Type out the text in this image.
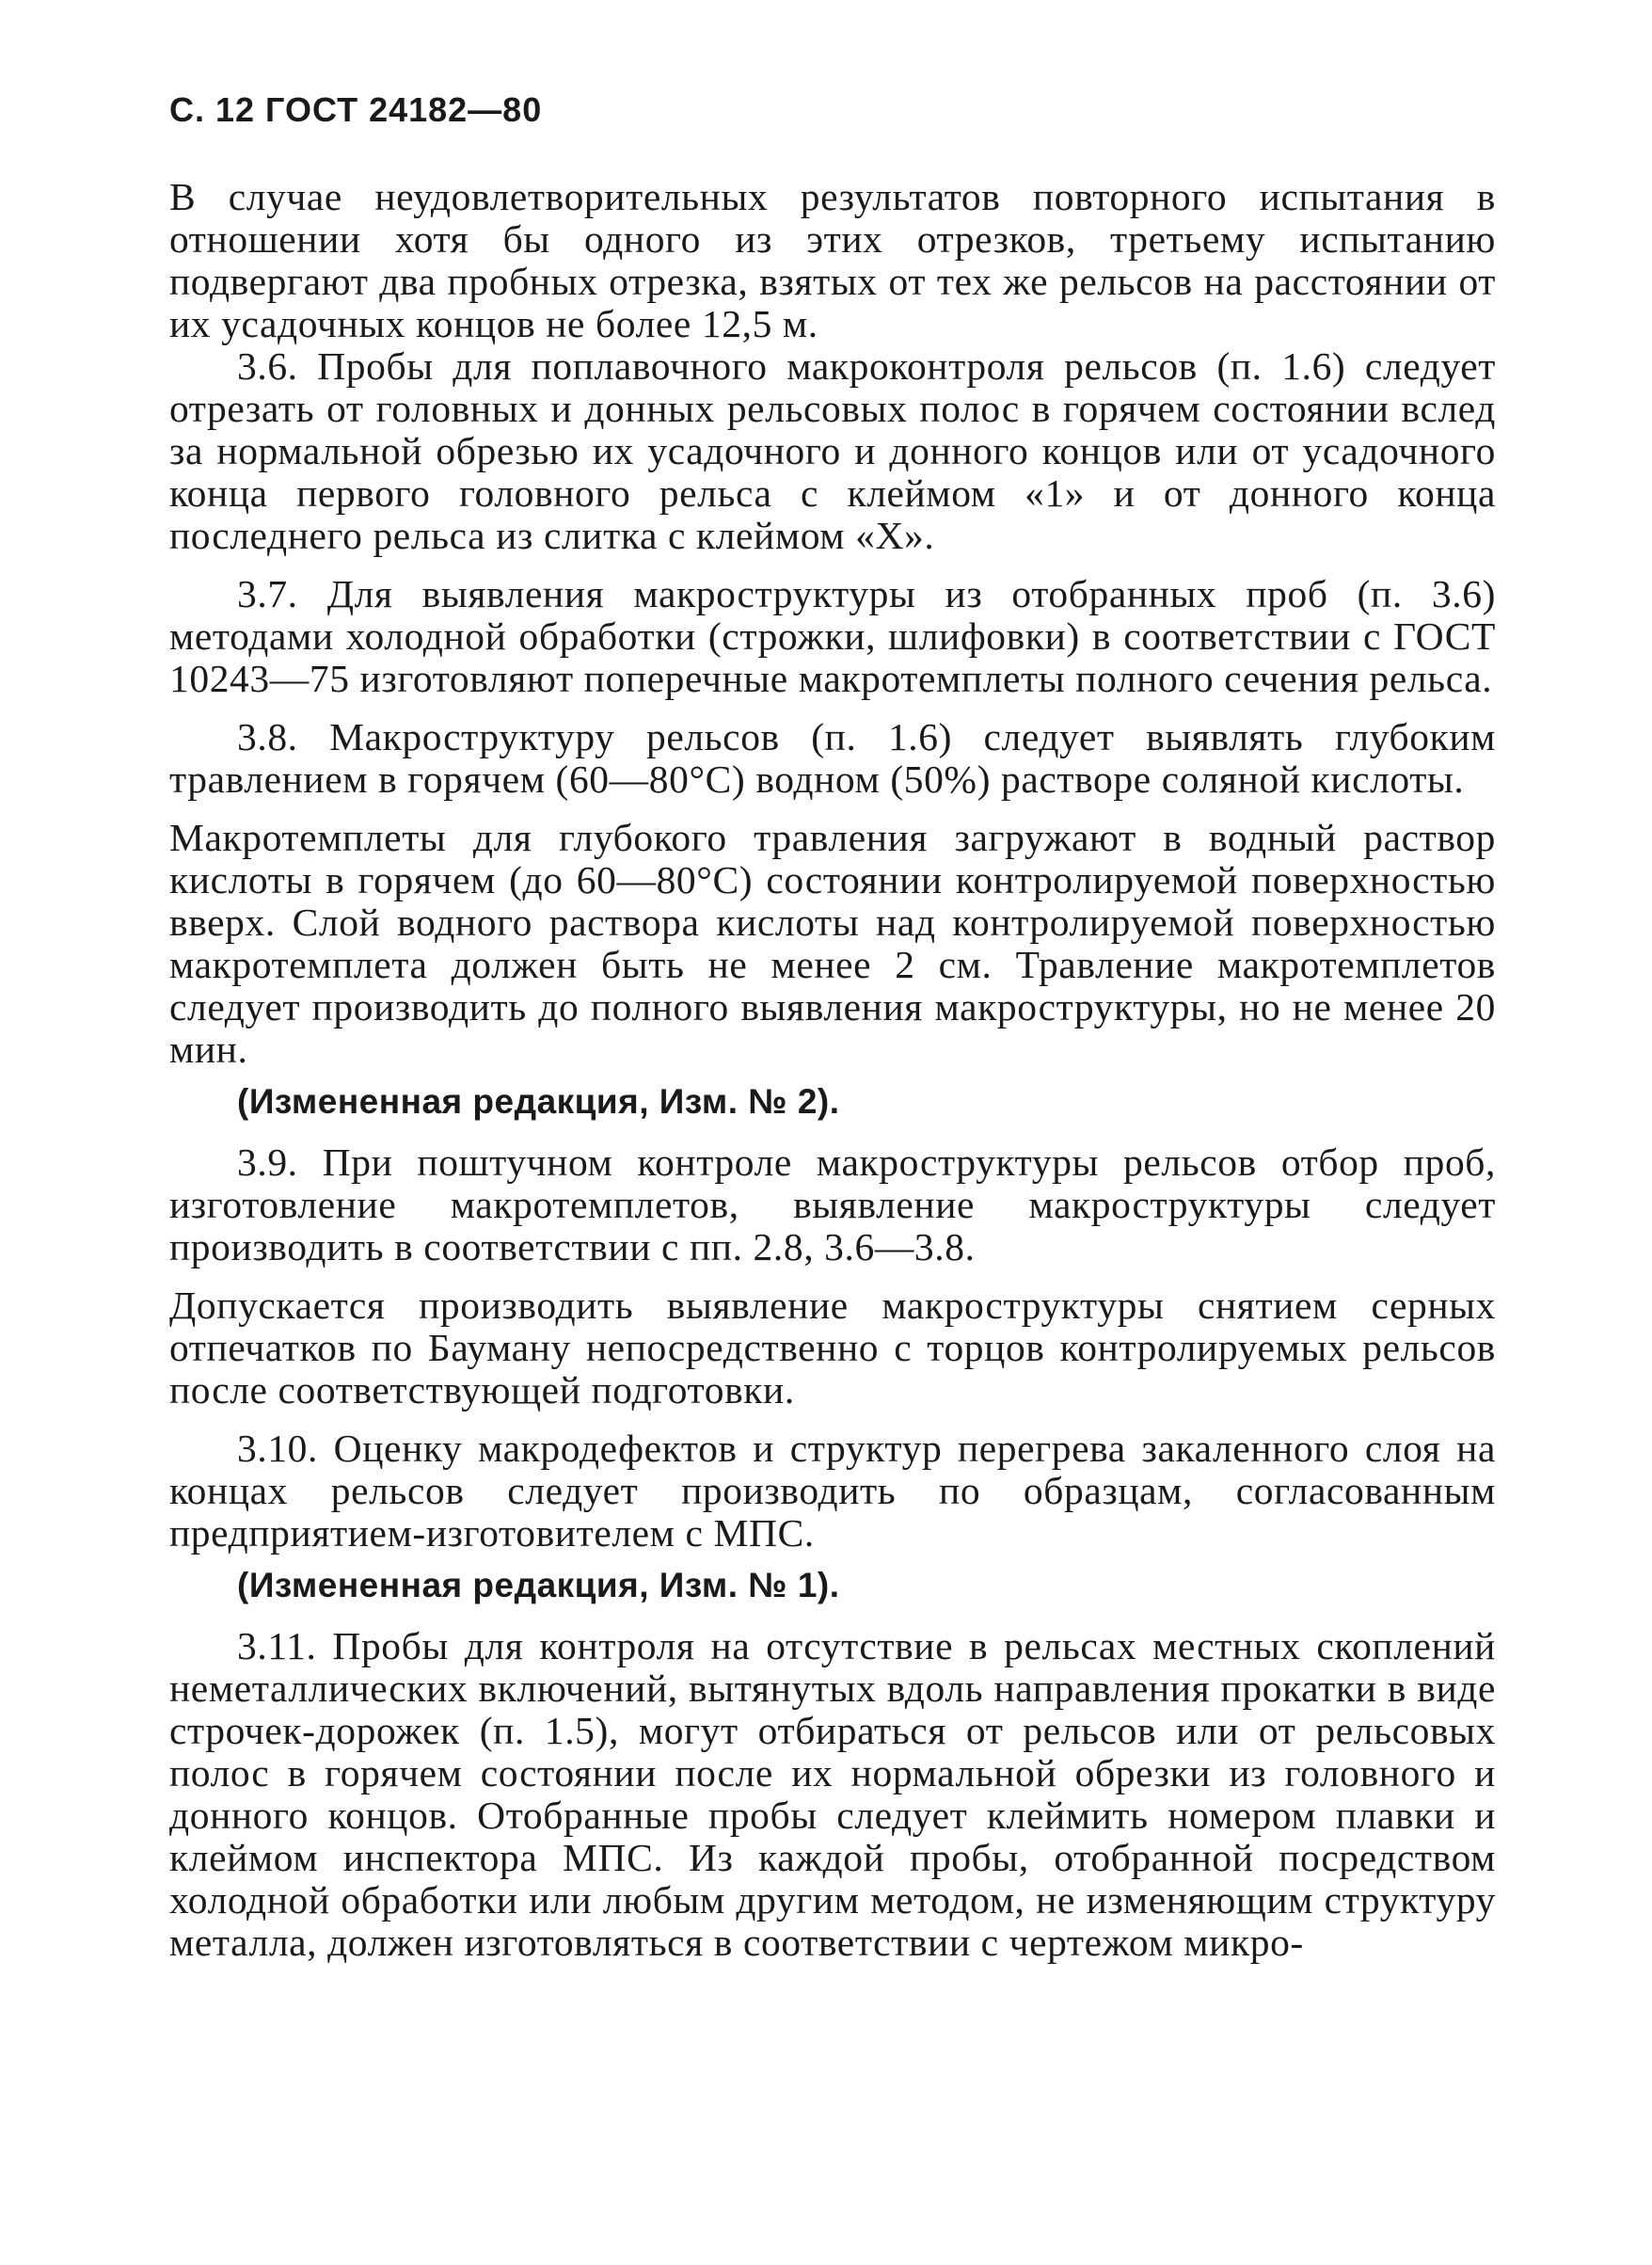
С. 12 ГОСТ 24182—80

В случае неудовлетворительных результатов повторного испытания в отношении хотя бы одного из этих отрезков, третьему испытанию подвергают два пробных отрезка, взятых от тех же рельсов на расстоянии от их усадочных концов не более 12,5 м.

3.6. Пробы для поплавочного макроконтроля рельсов (п. 1.6) следует отрезать от головных и донных рельсовых полос в горячем состоянии вслед за нормальной обрезью их усадочного и донного концов или от усадочного конца первого головного рельса с клеймом «1» и от донного конца последнего рельса из слитка с клеймом «X».

3.7. Для выявления макроструктуры из отобранных проб (п. 3.6) методами холодной обработки (строжки, шлифовки) в соответствии с ГОСТ 10243—75 изготовляют поперечные макротемплеты полного сечения рельса.

3.8. Макроструктуру рельсов (п. 1.6) следует выявлять глубоким травлением в горячем (60—80°С) водном (50%) растворе соляной кислоты.

Макротемплеты для глубокого травления загружают в водный раствор кислоты в горячем (до 60—80°С) состоянии контролируемой поверхностью вверх. Слой водного раствора кислоты над контролируемой поверхностью макротемплета должен быть не менее 2 см. Травление макротемплетов следует производить до полного выявления макроструктуры, но не менее 20 мин.

(Измененная редакция, Изм. № 2).

3.9. При поштучном контроле макроструктуры рельсов отбор проб, изготовление макротемплетов, выявление макроструктуры следует производить в соответствии с пп. 2.8, 3.6—3.8.

Допускается производить выявление макроструктуры снятием серных отпечатков по Бауману непосредственно с торцов контролируемых рельсов после соответствующей подготовки.

3.10. Оценку макродефектов и структур перегрева закаленного слоя на концах рельсов следует производить по образцам, согласованным предприятием-изготовителем с МПС.

(Измененная редакция, Изм. № 1).

3.11. Пробы для контроля на отсутствие в рельсах местных скоплений неметаллических включений, вытянутых вдоль направления прокатки в виде строчек-дорожек (п. 1.5), могут отбираться от рельсов или от рельсовых полос в горячем состоянии после их нормальной обрезки из головного и донного концов. Отобранные пробы следует клеймить номером плавки и клеймом инспектора МПС. Из каждой пробы, отобранной посредством холодной обработки или любым другим методом, не изменяющим структуру металла, должен изготовляться в соответствии с чертежом микро-
